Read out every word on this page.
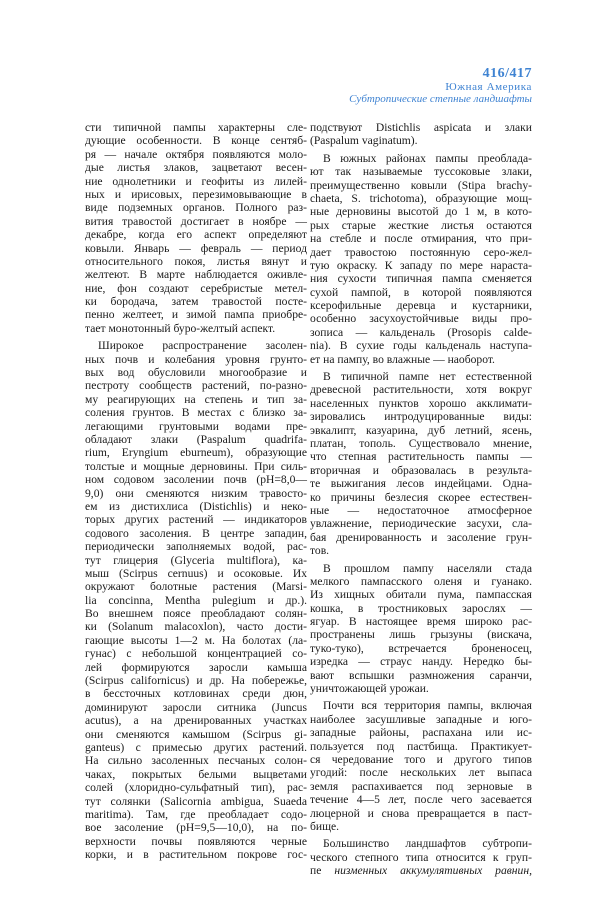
416/417
Южная Америка
Субтропические степные ландшафты
сти типичной пампы характерны сле-
дующие особенности. В конце сентяб-
ря — начале октября появляются моло-
дые листья злаков, зацветают весен-
ние однолетники и геофиты из лилей-
ных и ирисовых, перезимовывающие в
виде подземных органов. Полного раз-
вития травостой достигает в ноябре —
декабре, когда его аспект определяют
ковыли. Январь — февраль — период
относительного покоя, листья вянут и
желтеют. В марте наблюдается оживле-
ние, фон создают серебристые метел-
ки бородача, затем травостой посте-
пенно желтеет, и зимой пампа приобре-
тает монотонный буро-желтый аспект.
Широкое распространение засолен-
ных почв и колебания уровня грунто-
вых вод обусловили многообразие и
пестроту сообществ растений, по-разно-
му реагирующих на степень и тип за-
соления грунтов. В местах с близко за-
легающими грунтовыми водами пре-
обладают злаки (Paspalum quadrifa-
rium, Eryngium eburneum), образующие
толстые и мощные дерновины. При силь-
ном содовом засолении почв (pH=8,0—
9,0) они сменяются низким травосто-
ем из дистихлиса (Distichlis) и неко-
торых других растений — индикаторов
содового засоления. В центре западин,
периодически заполняемых водой, рас-
тут глицерия (Glyceria multiflora), ка-
мыш (Scirpus cernuus) и осоковые. Их
окружают болотные растения (Marsi-
lia concinna, Mentha pulegium и др.).
Во внешнем поясе преобладают солян-
ки (Solanum malacoxlon), часто дости-
гающие высоты 1—2 м. На болотах (ла-
гунас) с небольшой концентрацией со-
лей формируются заросли камыша
(Scirpus californicus) и др. На побережье,
в бессточных котловинах среди дюн,
доминируют заросли ситника (Juncus
acutus), а на дренированных участках
они сменяются камышом (Scirpus gi-
ganteus) с примесью других растений.
На сильно засоленных песчаных солон-
чаках, покрытых белыми выцветами
солей (хлоридно-сульфатный тип), рас-
тут солянки (Salicornia ambigua, Suaeda
maritima). Там, где преобладает содо-
вое засоление (pH=9,5—10,0), на по-
верхности почвы появляются черные
корки, и в растительном покрове гос-
подствуют Distichlis aspicata и злаки
(Paspalum vaginatum).
В южных районах пампы преоблада-
ют так называемые туссоковые злаки,
преимущественно ковыли (Stipa brachy-
chaeta, S. trichotoma), образующие мощ-
ные дерновины высотой до 1 м, в кото-
рых старые жесткие листья остаются
на стебле и после отмирания, что при-
дает травостою постоянную серо-жел-
тую окраску. К западу по мере нараста-
ния сухости типичная пампа сменяется
сухой пампой, в которой появляются
ксерофильные деревца и кустарники,
особенно засухоустойчивые виды про-
зописа — кальденаль (Prosopis calde-
nia). В сухие годы кальденаль наступа-
ет на пампу, во влажные — наоборот.
В типичной пампе нет естественной
древесной растительности, хотя вокруг
населенных пунктов хорошо акклимати-
зировались интродуцированные виды:
эвкалипт, казуарина, дуб летний, ясень,
платан, тополь. Существовало мнение,
что степная растительность пампы —
вторичная и образовалась в результа-
те выжигания лесов индейцами. Одна-
ко причины безлесия скорее естествен-
ные — недостаточное атмосферное
увлажнение, периодические засухи, сла-
бая дренированность и засоление грун-
тов.
В прошлом пампу населяли стада
мелкого пампасского оленя и гуанако.
Из хищных обитали пума, пампасская
кошка, в тростниковых зарослях —
ягуар. В настоящее время широко рас-
пространены лишь грызуны (вискача,
туко-туко), встречается броненосец,
изредка — страус нанду. Нередко бы-
вают вспышки размножения саранчи,
уничтожающей урожаи.
Почти вся территория пампы, включая
наиболее засушливые западные и юго-
западные районы, распахана или ис-
пользуется под пастбища. Практикует-
ся чередование того и другого типов
угодий: после нескольких лет выпаса
земля распахивается под зерновые в
течение 4—5 лет, после чего засевается
люцерной и снова превращается в паст-
бище.
Большинство ландшафтов субтропи-
ческого степного типа относится к груп-
пе низменных аккумулятивных равнин,
